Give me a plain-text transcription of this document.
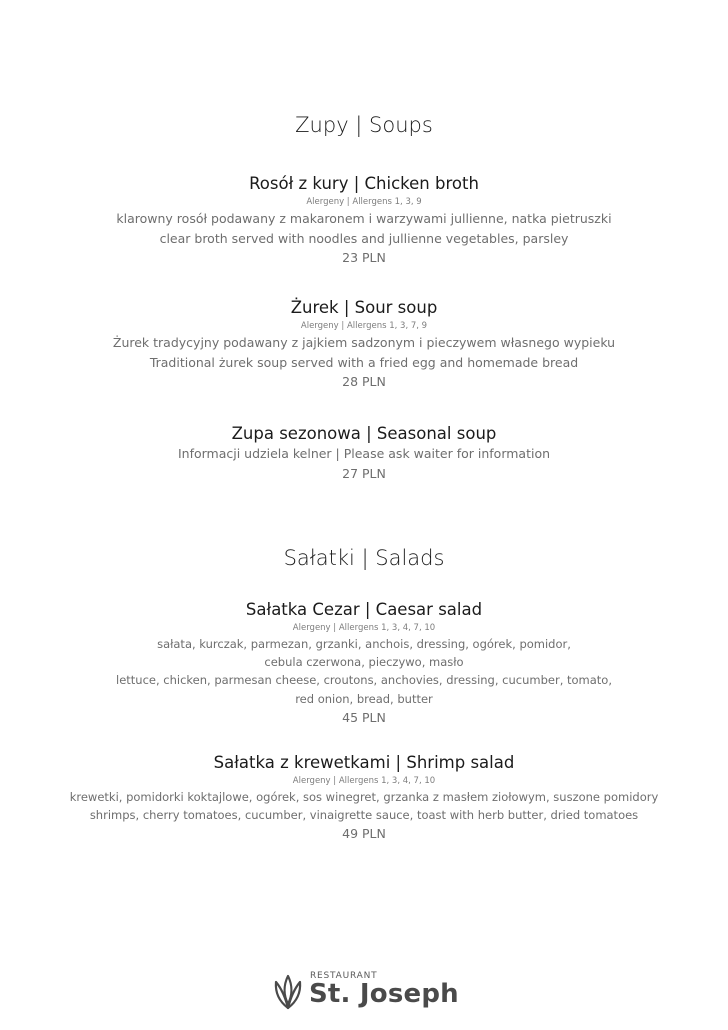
Zupy | Soups
Rosół z kury | Chicken broth
Alergeny | Allergens 1, 3, 9
klarowny rosół podawany z makaronem i warzywami jullienne, natka pietruszki
clear broth served with noodles and jullienne vegetables, parsley
23 PLN
Żurek | Sour soup
Alergeny | Allergens 1, 3, 7, 9
Żurek tradycyjny podawany z jajkiem sadzonym i pieczywem własnego wypieku
Traditional żurek soup served with a fried egg and homemade bread
28 PLN
Zupa sezonowa | Seasonal soup
Informacji udziela kelner | Please ask waiter for information
27 PLN
Sałatki | Salads
Sałatka Cezar | Caesar salad
Alergeny | Allergens 1, 3, 4, 7, 10
sałata, kurczak, parmezan, grzanki, anchois, dressing, ogórek, pomidor,
cebula czerwona, pieczywo, masło
lettuce, chicken, parmesan cheese, croutons, anchovies, dressing, cucumber, tomato,
red onion, bread, butter
45 PLN
Sałatka z krewetkami | Shrimp salad
Alergeny | Allergens 1, 3, 4, 7, 10
krewetki, pomidorki koktajlowe, ogórek, sos winegret, grzanka z masłem ziołowym, suszone pomidory
shrimps, cherry tomatoes, cucumber, vinaigrette sauce, toast with herb butter, dried tomatoes
49 PLN
RESTAURANT
St. Joseph
